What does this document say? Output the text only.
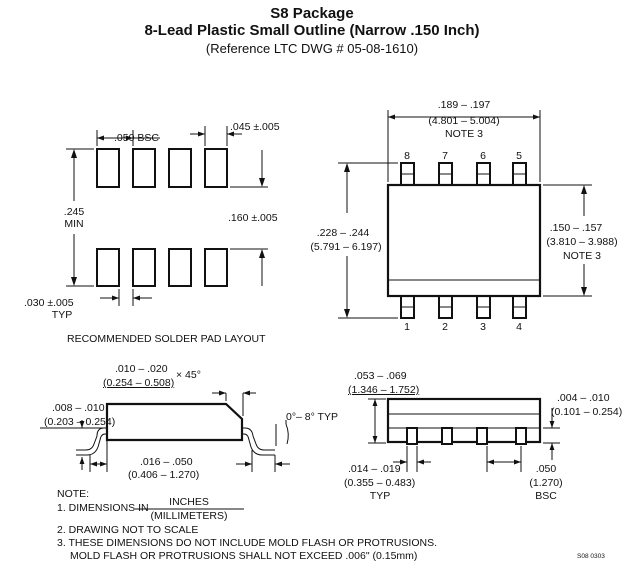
S8 Package
8-Lead Plastic Small Outline (Narrow .150 Inch)
(Reference LTC DWG # 05-08-1610)
.050 BSC
.045 ±.005
.245
MIN	.160 ±.005
.030 ±.005
TYP
RECOMMENDED SOLDER PAD LAYOUT
.189 – .197
(4.801 – 5.004)
NOTE 3
.228 – .244
(5.791 – 6.197)
.150 – .157
(3.810 – 3.988)
NOTE 3
8	7	6	5
1	2	3	4
.010 – .020
(0.254 – 0.508)
× 45°
.008 – .010
(0.203 – 0.254)	0°– 8° TYP
.016 – .050
(0.406 – 1.270)
.053 – .069
(1.346 – 1.752)
.004 – .010
(0.101 – 0.254)
.014 – .019
(0.355 – 0.483)
TYP
.050
(1.270)
BSC
NOTE:
1. DIMENSIONS IN INCHES
(MILLIMETERS)
2. DRAWING NOT TO SCALE
3. THESE DIMENSIONS DO NOT INCLUDE MOLD FLASH OR PROTRUSIONS.
MOLD FLASH OR PROTRUSIONS SHALL NOT EXCEED .006" (0.15mm)	S08 0303
